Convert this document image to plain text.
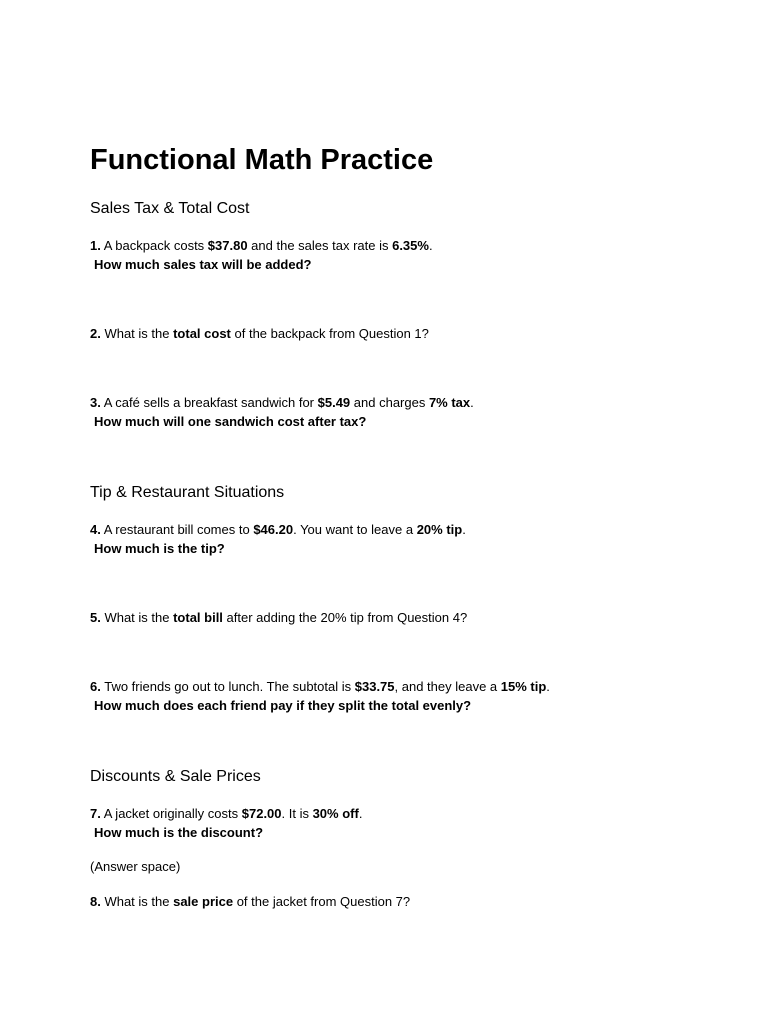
Functional Math Practice
Sales Tax & Total Cost

1. A backpack costs $37.80 and the sales tax rate is 6.35%.
How much sales tax will be added?

2. What is the total cost of the backpack from Question 1?

3. A café sells a breakfast sandwich for $5.49 and charges 7% tax.
How much will one sandwich cost after tax?

Tip & Restaurant Situations

4. A restaurant bill comes to $46.20. You want to leave a 20% tip.
How much is the tip?

5. What is the total bill after adding the 20% tip from Question 4?

6. Two friends go out to lunch. The subtotal is $33.75, and they leave a 15% tip.
How much does each friend pay if they split the total evenly?

Discounts & Sale Prices

7. A jacket originally costs $72.00. It is 30% off.
How much is the discount?

(Answer space)

8. What is the sale price of the jacket from Question 7?
